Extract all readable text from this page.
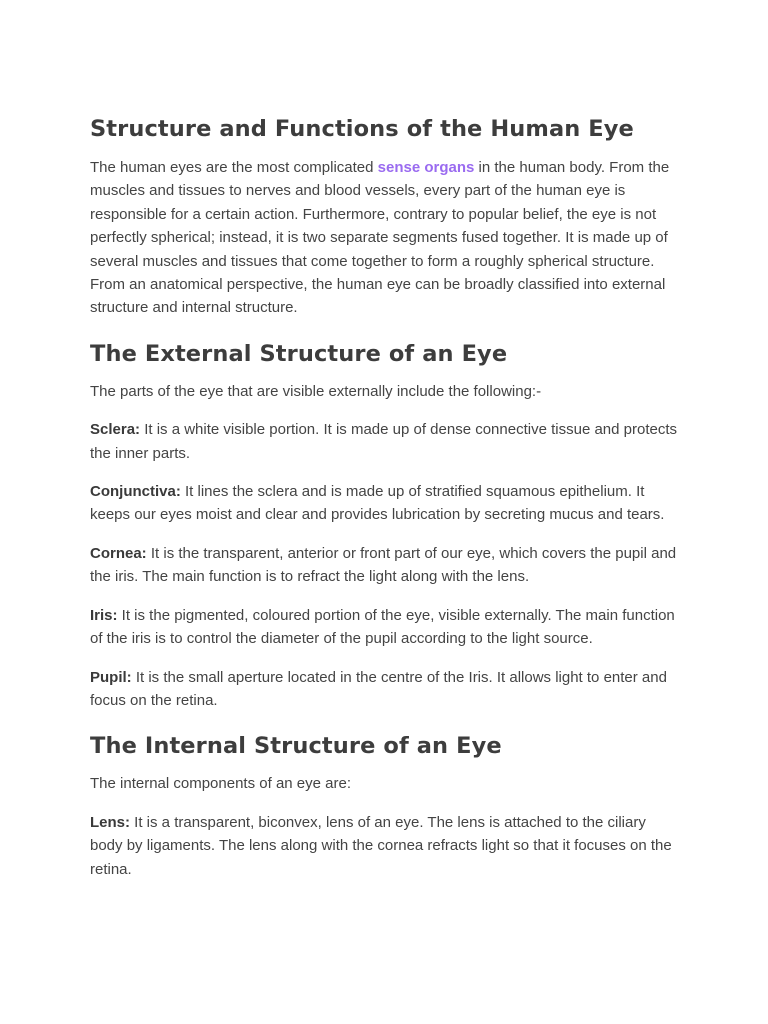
Structure and Functions of the Human Eye

The human eyes are the most complicated sense organs in the human body. From the muscles and tissues to nerves and blood vessels, every part of the human eye is responsible for a certain action. Furthermore, contrary to popular belief, the eye is not perfectly spherical; instead, it is two separate segments fused together. It is made up of several muscles and tissues that come together to form a roughly spherical structure. From an anatomical perspective, the human eye can be broadly classified into external structure and internal structure.

The External Structure of an Eye

The parts of the eye that are visible externally include the following:-

Sclera: It is a white visible portion. It is made up of dense connective tissue and protects the inner parts.

Conjunctiva: It lines the sclera and is made up of stratified squamous epithelium. It keeps our eyes moist and clear and provides lubrication by secreting mucus and tears.

Cornea: It is the transparent, anterior or front part of our eye, which covers the pupil and the iris. The main function is to refract the light along with the lens.

Iris: It is the pigmented, coloured portion of the eye, visible externally. The main function of the iris is to control the diameter of the pupil according to the light source.

Pupil: It is the small aperture located in the centre of the Iris. It allows light to enter and focus on the retina.

The Internal Structure of an Eye

The internal components of an eye are:

Lens: It is a transparent, biconvex, lens of an eye. The lens is attached to the ciliary body by ligaments. The lens along with the cornea refracts light so that it focuses on the retina.
